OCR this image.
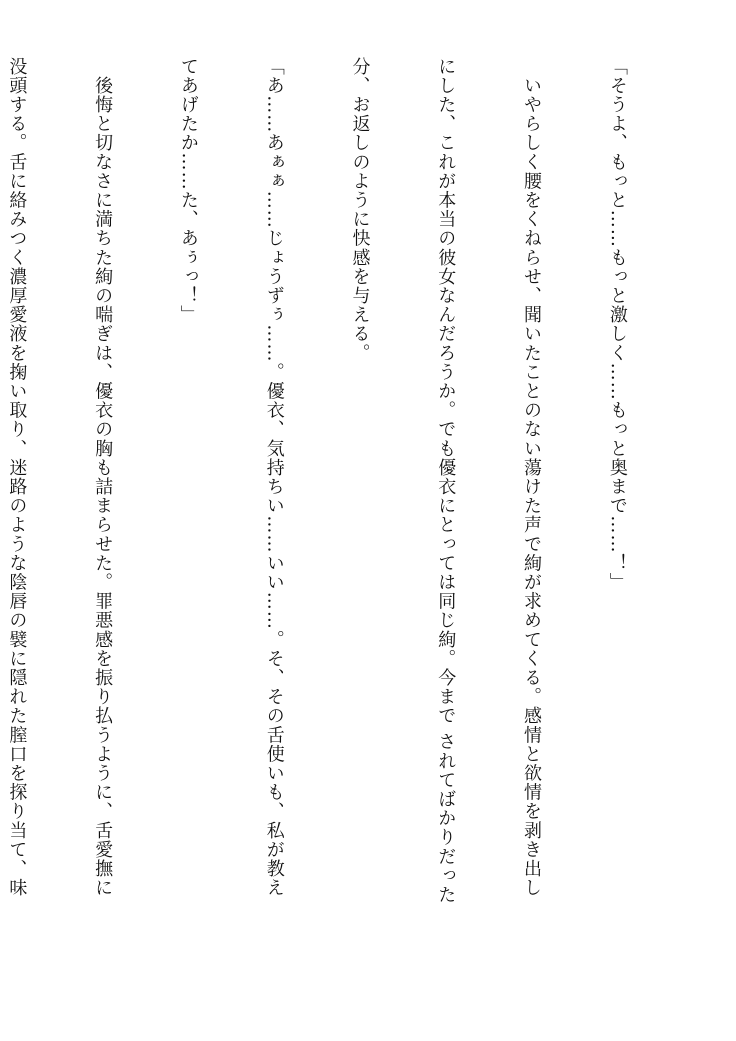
「そうよ、もっと……もっと激しく……もっと奥まで……！」

　いやらしく腰をくねらせ、聞いたことのない蕩けた声で絢が求めてくる。感情と欲情を剥き出し

にした、これが本当の彼女なんだろうか。でも優衣にとっては同じ絢。今まで されてばかりだった

分、お返しのように快感を与える。

「あ……あぁぁ……じょうずぅ……。優衣、気持ちい……いい……。そ、その舌使いも、私が教え

てあげたか……た、あぅっ！」

　後悔と切なさに満ちた絢の喘ぎは、優衣の胸も詰まらせた。罪悪感を振り払うように、舌愛撫に

没頭する。舌に絡みつく濃厚愛液を掬い取り、迷路のような陰唇の襞に隠れた膣口を探り当て、味
